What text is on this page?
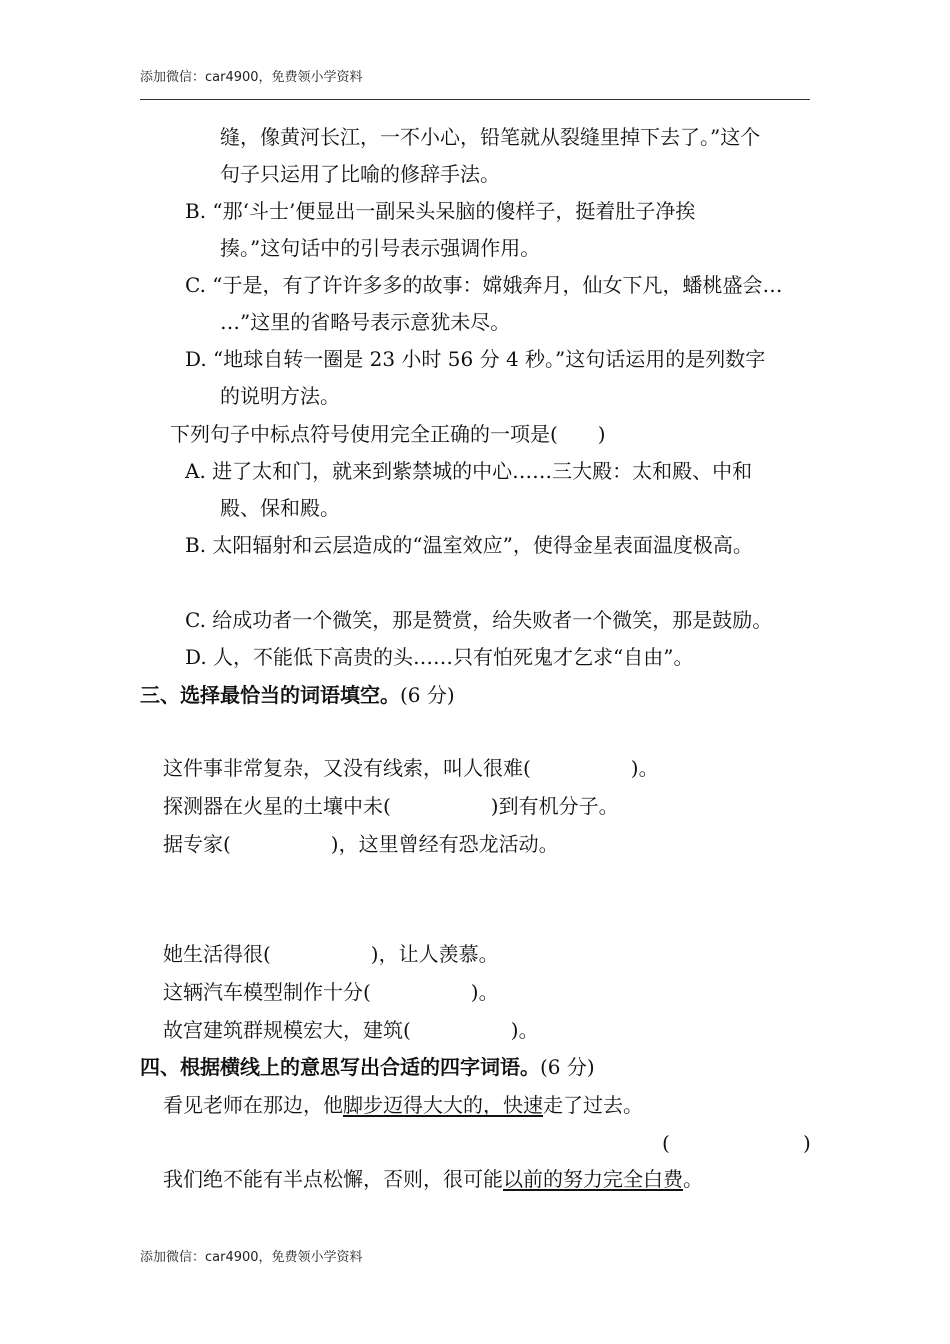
添加微信：car4900，免费领小学资料
缝，像黄河长江，一不小心，铅笔就从裂缝里掉下去了。”这个
句子只运用了比喻的修辞手法。
B. “那‘斗士’便显出一副呆头呆脑的傻样子，挺着肚子净挨
揍。”这句话中的引号表示强调作用。
C. “于是，有了许许多多的故事：嫦娥奔月，仙女下凡，蟠桃盛会…
…”这里的省略号表示意犹未尽。
D. “地球自转一圈是 23 小时 56 分 4 秒。”这句话运用的是列数字
的说明方法。
下列句子中标点符号使用完全正确的一项是(　　)
A. 进了太和门，就来到紫禁城的中心……三大殿：太和殿、中和
殿、保和殿。
B. 太阳辐射和云层造成的“温室效应”，使得金星表面温度极高。
C. 给成功者一个微笑，那是赞赏，给失败者一个微笑，那是鼓励。
D. 人，不能低下高贵的头……只有怕死鬼才乞求“自由”。
三、选择最恰当的词语填空。(6 分)
这件事非常复杂，又没有线索，叫人很难(　　　　　)。
探测器在火星的土壤中未(　　　　　)到有机分子。
据专家(　　　　　)，这里曾经有恐龙活动。
她生活得很(　　　　　)，让人羡慕。
这辆汽车模型制作十分(　　　　　)。
故宫建筑群规模宏大，建筑(　　　　　)。
四、根据横线上的意思写出合适的四字词语。(6 分)
看见老师在那边，他脚步迈得大大的，快速走了过去。
(	)
我们绝不能有半点松懈，否则，很可能以前的努力完全白费。
添加微信：car4900，免费领小学资料
